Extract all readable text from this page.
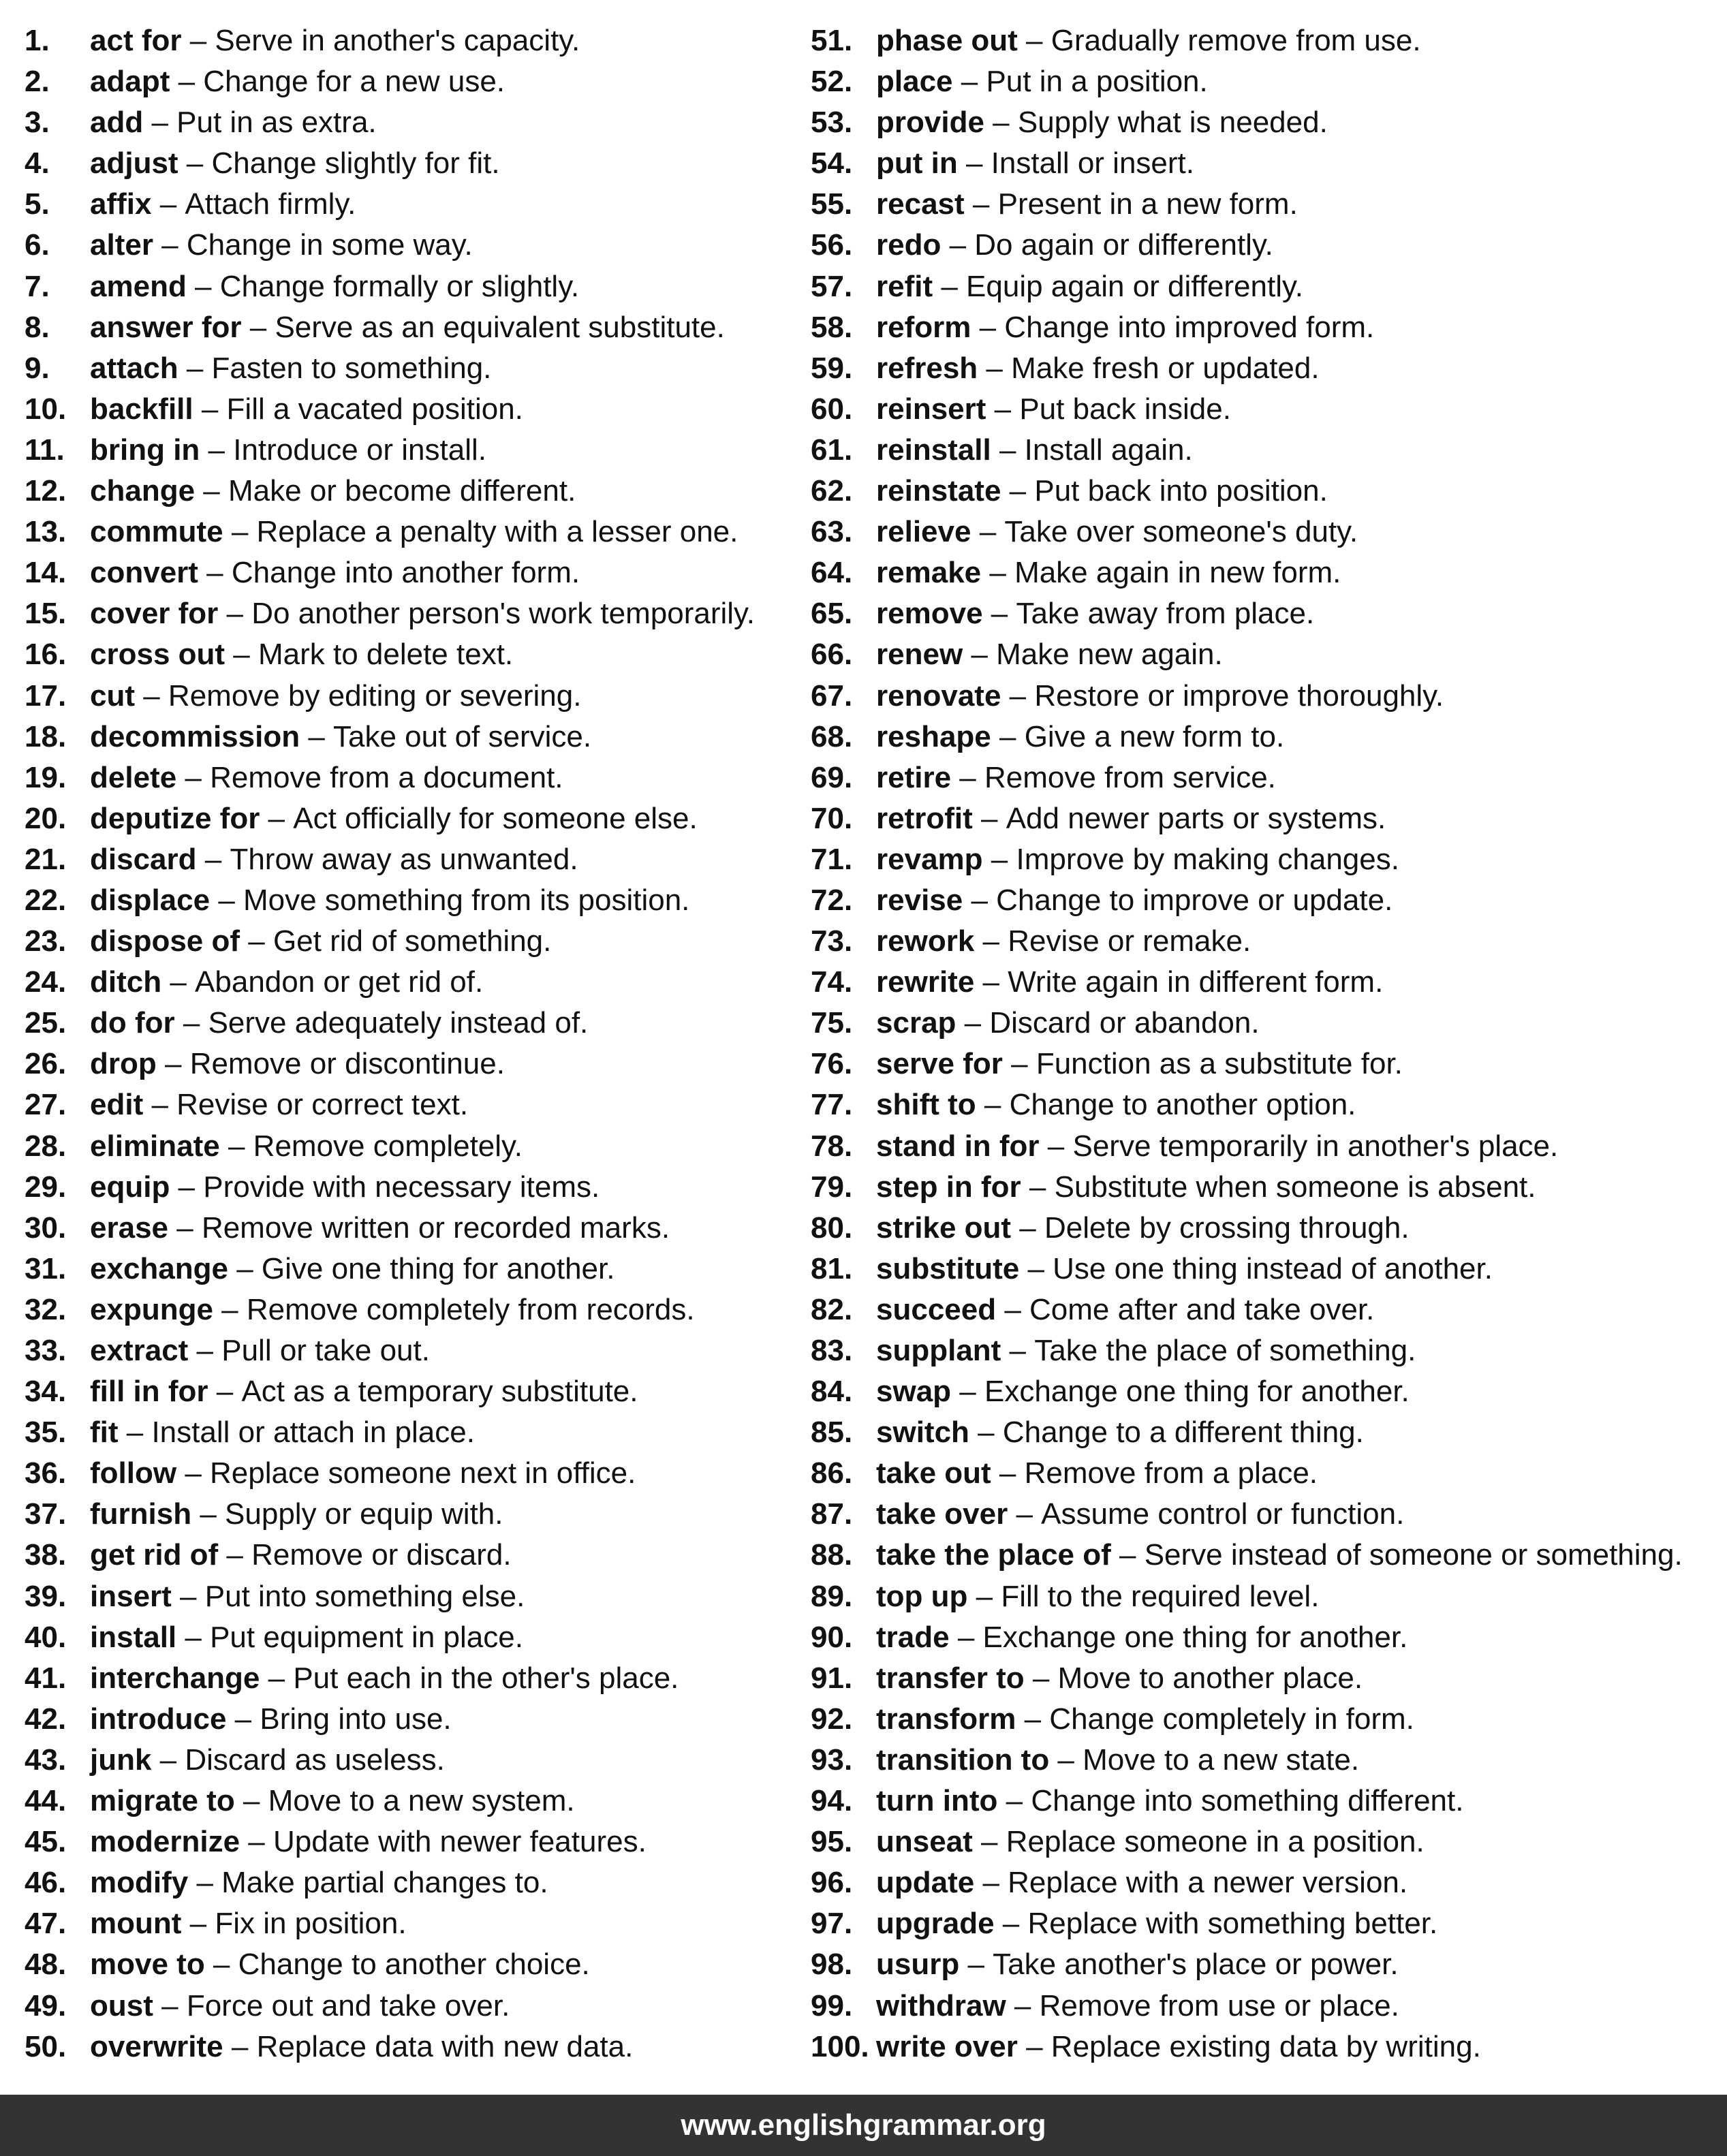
1.	act for – Serve in another's capacity.
2.	adapt – Change for a new use.
3.	add – Put in as extra.
4.	adjust – Change slightly for fit.
5.	affix – Attach firmly.
6.	alter – Change in some way.
7.	amend – Change formally or slightly.
8.	answer for – Serve as an equivalent substitute.
9.	attach – Fasten to something.
10. backfill – Fill a vacated position.
11. bring in – Introduce or install.
12. change – Make or become different.
13. commute – Replace a penalty with a lesser one.
14. convert – Change into another form.
15. cover for – Do another person's work temporarily.
16. cross out – Mark to delete text.
17. cut – Remove by editing or severing.
18. decommission – Take out of service.
19. delete – Remove from a document.
20. deputize for – Act officially for someone else.
21. discard – Throw away as unwanted.
22. displace – Move something from its position.
23. dispose of – Get rid of something.
24. ditch – Abandon or get rid of.
25. do for – Serve adequately instead of.
26. drop – Remove or discontinue.
27. edit – Revise or correct text.
28. eliminate – Remove completely.
29. equip – Provide with necessary items.
30. erase – Remove written or recorded marks.
31. exchange – Give one thing for another.
32. expunge – Remove completely from records.
33. extract – Pull or take out.
34. fill in for – Act as a temporary substitute.
35. fit – Install or attach in place.
36. follow – Replace someone next in office.
37. furnish – Supply or equip with.
38. get rid of – Remove or discard.
39. insert – Put into something else.
40. install – Put equipment in place.
41. interchange – Put each in the other's place.
42. introduce – Bring into use.
43. junk – Discard as useless.
44. migrate to – Move to a new system.
45. modernize – Update with newer features.
46. modify – Make partial changes to.
47. mount – Fix in position.
48. move to – Change to another choice.
49. oust – Force out and take over.
50. overwrite – Replace data with new data.
51. phase out – Gradually remove from use.
52. place – Put in a position.
53. provide – Supply what is needed.
54. put in – Install or insert.
55. recast – Present in a new form.
56. redo – Do again or differently.
57. refit – Equip again or differently.
58. reform – Change into improved form.
59. refresh – Make fresh or updated.
60. reinsert – Put back inside.
61. reinstall – Install again.
62. reinstate – Put back into position.
63. relieve – Take over someone's duty.
64. remake – Make again in new form.
65. remove – Take away from place.
66. renew – Make new again.
67. renovate – Restore or improve thoroughly.
68. reshape – Give a new form to.
69. retire – Remove from service.
70. retrofit – Add newer parts or systems.
71. revamp – Improve by making changes.
72. revise – Change to improve or update.
73. rework – Revise or remake.
74. rewrite – Write again in different form.
75. scrap – Discard or abandon.
76. serve for – Function as a substitute for.
77. shift to – Change to another option.
78. stand in for – Serve temporarily in another's place.
79. step in for – Substitute when someone is absent.
80. strike out – Delete by crossing through.
81. substitute – Use one thing instead of another.
82. succeed – Come after and take over.
83. supplant – Take the place of something.
84. swap – Exchange one thing for another.
85. switch – Change to a different thing.
86. take out – Remove from a place.
87. take over – Assume control or function.
88. take the place of – Serve instead of someone or something.
89. top up – Fill to the required level.
90. trade – Exchange one thing for another.
91. transfer to – Move to another place.
92. transform – Change completely in form.
93. transition to – Move to a new state.
94. turn into – Change into something different.
95. unseat – Replace someone in a position.
96. update – Replace with a newer version.
97. upgrade – Replace with something better.
98. usurp – Take another's place or power.
99. withdraw – Remove from use or place.
100. write over – Replace existing data by writing.
www.englishgrammar.org
